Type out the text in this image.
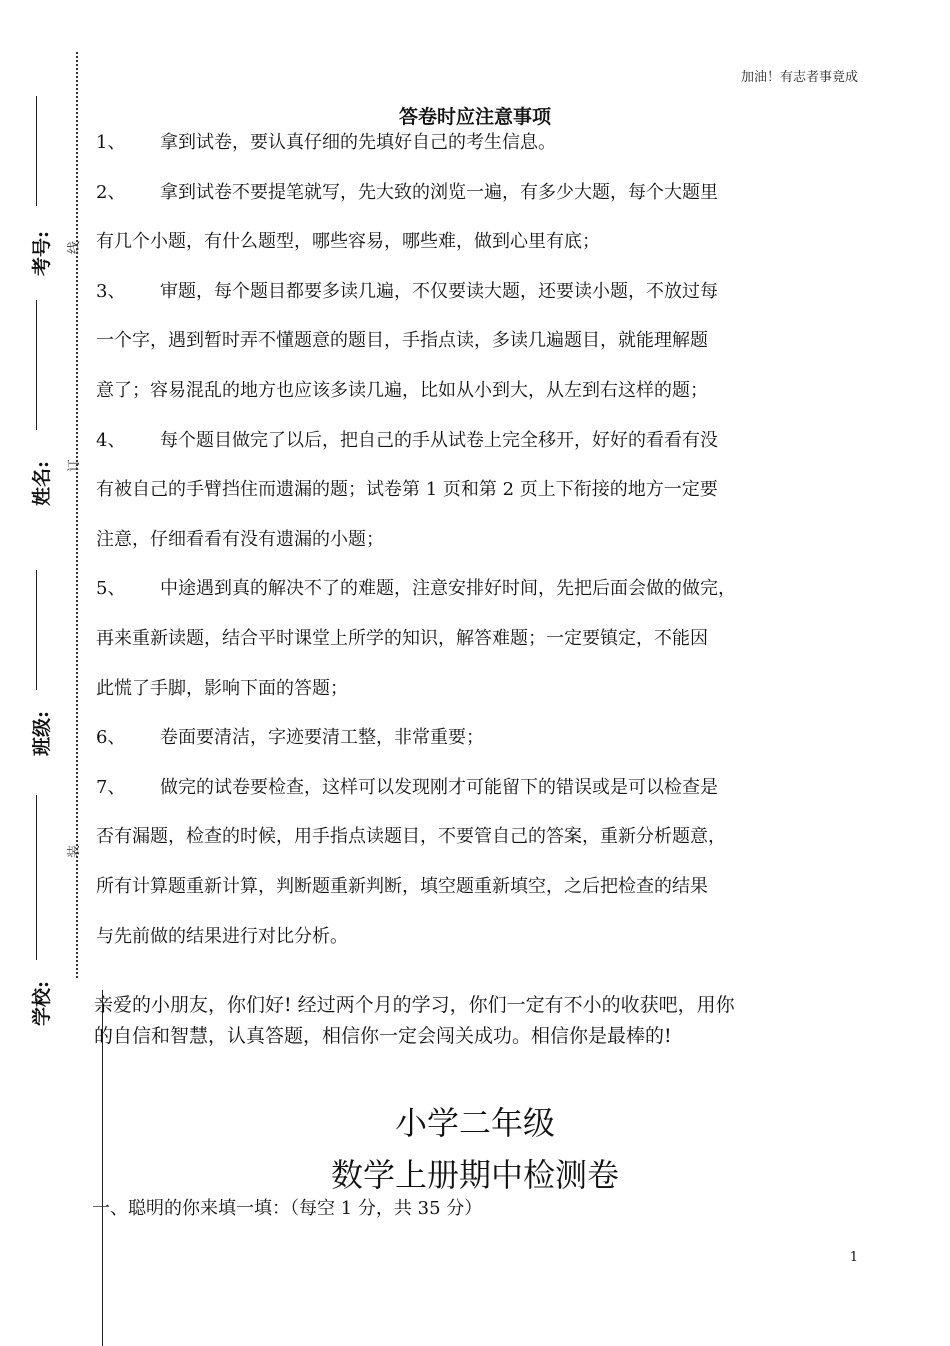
加油！有志者事竟成
考号:
姓名:
班级:
学校:
线
订
装
答卷时应注意事项
1、	拿到试卷，要认真仔细的先填好自己的考生信息。
2、	拿到试卷不要提笔就写，先大致的浏览一遍，有多少大题，每个大题里
有几个小题，有什么题型，哪些容易，哪些难，做到心里有底；
3、	审题，每个题目都要多读几遍，不仅要读大题，还要读小题，不放过每
一个字，遇到暂时弄不懂题意的题目，手指点读，多读几遍题目，就能理解题
意了；容易混乱的地方也应该多读几遍，比如从小到大，从左到右这样的题；
4、	每个题目做完了以后，把自己的手从试卷上完全移开，好好的看看有没
有被自己的手臂挡住而遗漏的题；试卷第 1 页和第 2 页上下衔接的地方一定要
注意，仔细看看有没有遗漏的小题；
5、	中途遇到真的解决不了的难题，注意安排好时间，先把后面会做的做完，
再来重新读题，结合平时课堂上所学的知识，解答难题；一定要镇定，不能因
此慌了手脚，影响下面的答题；
6、	卷面要清洁，字迹要清工整，非常重要；
7、	做完的试卷要检查，这样可以发现刚才可能留下的错误或是可以检查是
否有漏题，检查的时候，用手指点读题目，不要管自己的答案，重新分析题意，
所有计算题重新计算，判断题重新判断，填空题重新填空，之后把检查的结果
与先前做的结果进行对比分析。
亲爱的小朋友，你们好! 经过两个月的学习，你们一定有不小的收获吧，用你
的自信和智慧，认真答题，相信你一定会闯关成功。相信你是最棒的!
小学二年级
数学上册期中检测卷
一、聪明的你来填一填：（每空 1 分，共 35 分）
1
